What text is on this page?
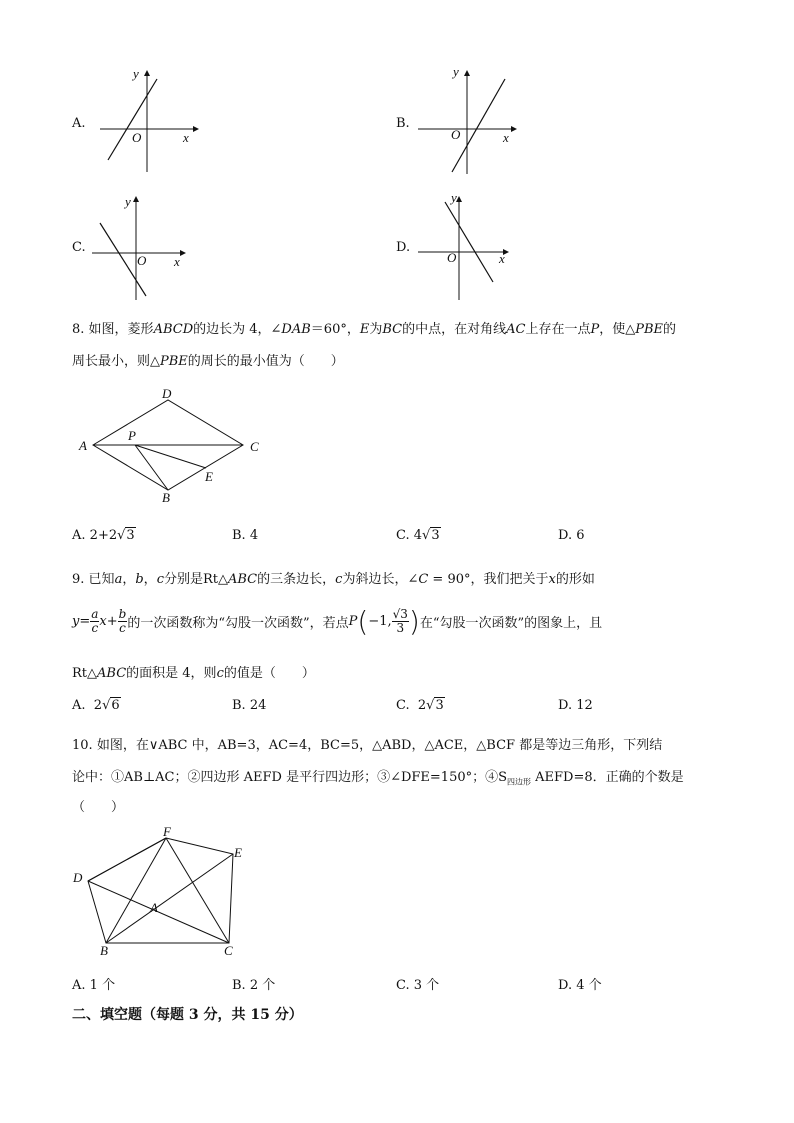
A.
x
y
O
B.
x
y
O
C.
x
y
O
D.
x
y
O
8. 如图，菱形ABCD的边长为 4，∠DAB＝60°，E为BC的中点，在对角线AC上存在一点P，使△PBE的
周长最小，则△PBE的周长的最小值为（　　）
A
D
C
B
P
E
A. 2+2√3	B. 4	C. 4√3	D. 6
9. 已知a，b，c分别是Rt△ABC的三条边长，c为斜边长，∠C = 90°，我们把关于x的形如
$y = \frac{a}{c}$ $x + \frac{b}{c}$ 的一次函数称为“勾股一次函数”，若点 P ( −1, $\frac{√3}{3}$ ) 在“勾股一次函数”的图象上，且
Rt△ABC的面积是 4，则c的值是（　　）
A. 2√6	B. 24	C. 2√3	D. 12
10. 如图，在∨ABC 中，AB=3，AC=4，BC=5，△ABD，△ACE，△BCF 都是等边三角形，下列结
论中：①AB⊥AC；②四边形 AEFD 是平行四边形；③∠DFE=150°；$④S_{四边形}$ AEFD=8．正确的个数是
（　　）
F
E
D
A
B	C
A. 1 个	B. 2 个	C. 3 个	D. 4 个
二、填空题（每题 3 分，共 15 分）
